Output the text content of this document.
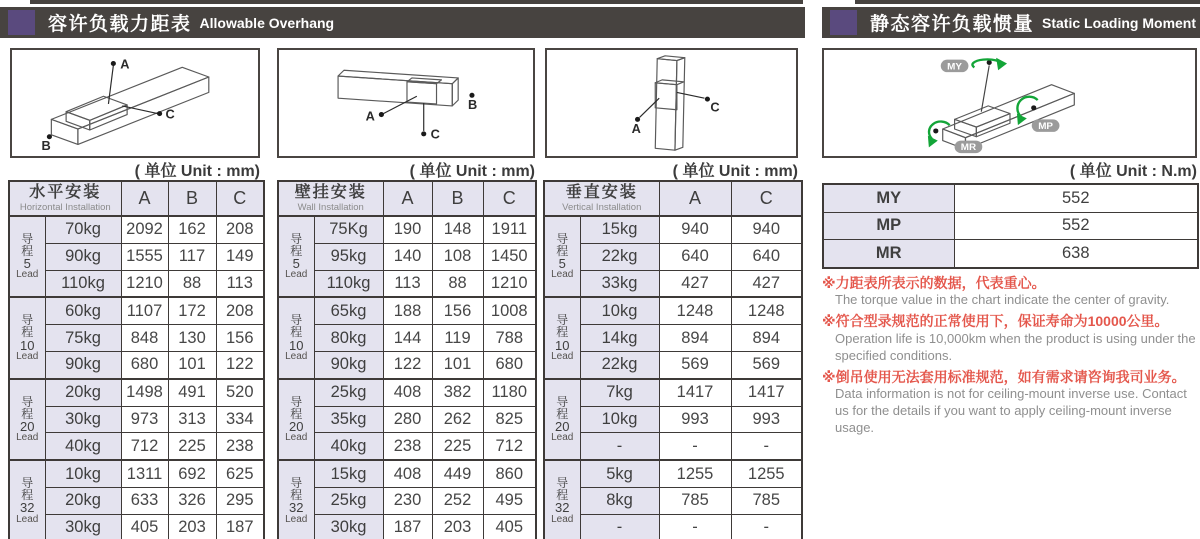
容许负载力距表 Allowable Overhang	静态容许负载惯量 Static Loading Moment
A
C
B
A
B
C	A
C
MY
MP
MR
( 单位 Unit : mm)	( 单位 Unit : mm)	( 单位 Unit : mm)	( 单位 Unit : N.m)
水平安装
Horizontal Installation		A	B	C

导
程
5
Lead	70kg	2092	162	208
	90kg	1555	117	149
	110kg	1210	88	113

导
程
10
Lead	60kg	1107	172	208
	75kg	848	130	156
	90kg	680	101	122

导
程
20
Lead	20kg	1498	491	520
	30kg	973	313	334
	40kg	712	225	238

导
程
32
Lead	10kg	1311	692	625
	20kg	633	326	295
	30kg	405	203	187
壁挂安装
Wall Installation		A	B	C

导
程
5
Lead	75Kg	190	148	1911
	95kg	140	108	1450
	110kg	113	88	1210

导
程
10
Lead	65kg	188	156	1008
	80kg	144	119	788
	90kg	122	101	680

导
程
20
Lead	25kg	408	382	1180
	35kg	280	262	825
	40kg	238	225	712

导
程
32
Lead	15kg	408	449	860
	25kg	230	252	495
	30kg	187	203	405
垂直安装
Vertical Installation		A	C

导
程
5
Lead	15kg	940	940
	22kg	640	640
	33kg	427	427

导
程
10
Lead	10kg	1248	1248
	14kg	894	894
	22kg	569	569

导
程
20
Lead	7kg	1417	1417
	10kg	993	993
	-	-	-

导
程
32
Lead	5kg	1255	1255
	8kg	785	785
	-	-	-
MY	552
MP	552
MR	638
※力距表所表示的数据，代表重心。
The torque value in the chart indicate the center of gravity.
※符合型录规范的正常使用下，保证寿命为10000公里。
Operation life is 10,000km when the product is using under the specified conditions.
※倒吊使用无法套用标准规范，如有需求请咨询我司业务。
Data information is not for ceiling-mount inverse use. Contact us for the details if you want to apply ceiling-mount inverse usage.
